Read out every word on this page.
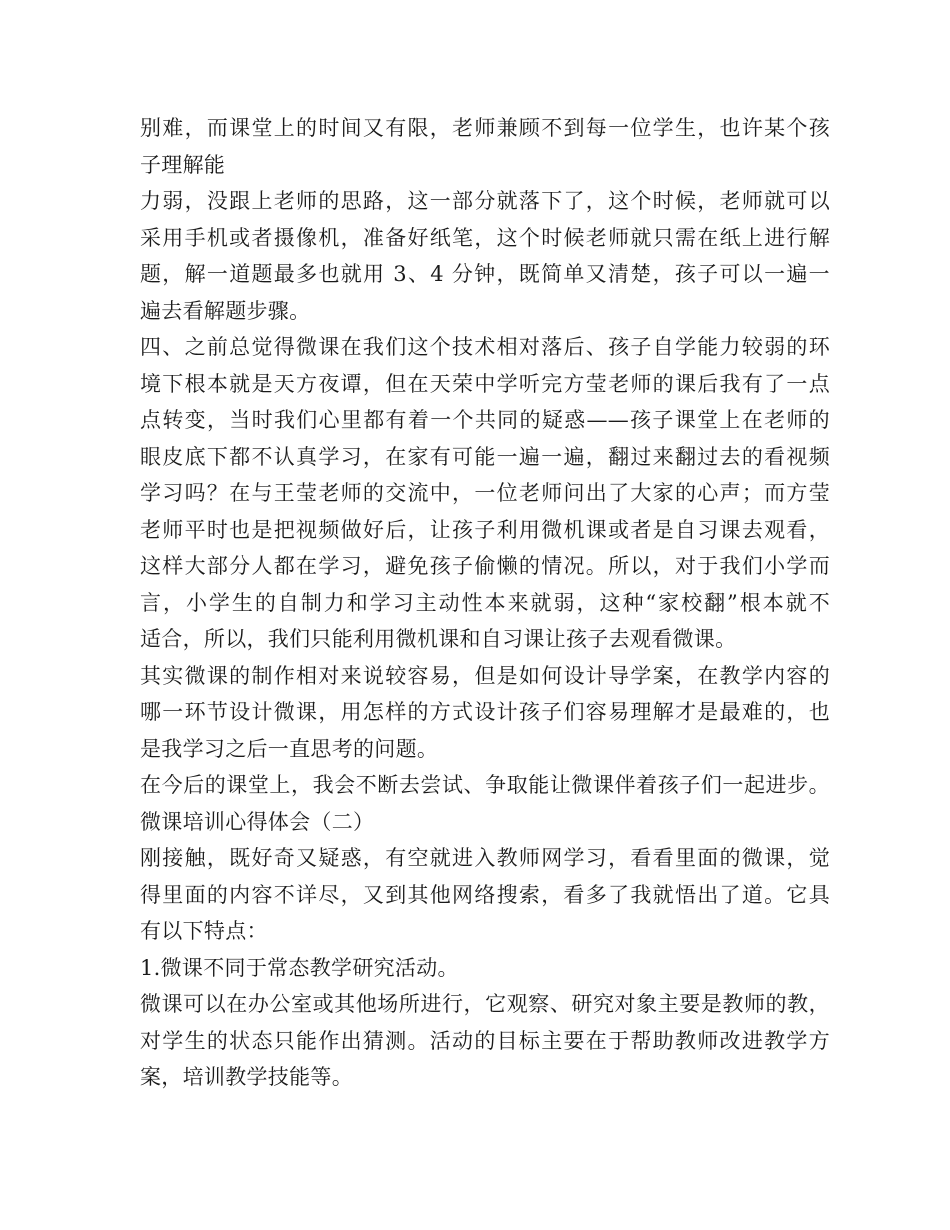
别难，而课堂上的时间又有限，老师兼顾不到每一位学生，也许某个孩
子理解能
力弱，没跟上老师的思路，这一部分就落下了，这个时候，老师就可以
采用手机或者摄像机，准备好纸笔，这个时候老师就只需在纸上进行解
题，解一道题最多也就用 3、4 分钟，既简单又清楚，孩子可以一遍一
遍去看解题步骤。
四、之前总觉得微课在我们这个技术相对落后、孩子自学能力较弱的环
境下根本就是天方夜谭，但在天荣中学听完方莹老师的课后我有了一点
点转变，当时我们心里都有着一个共同的疑惑——孩子课堂上在老师的
眼皮底下都不认真学习，在家有可能一遍一遍，翻过来翻过去的看视频
学习吗？在与王莹老师的交流中，一位老师问出了大家的心声；而方莹
老师平时也是把视频做好后，让孩子利用微机课或者是自习课去观看，
这样大部分人都在学习，避免孩子偷懒的情况。所以，对于我们小学而
言，小学生的自制力和学习主动性本来就弱，这种“家校翻”根本就不
适合，所以，我们只能利用微机课和自习课让孩子去观看微课。
其实微课的制作相对来说较容易，但是如何设计导学案，在教学内容的
哪一环节设计微课，用怎样的方式设计孩子们容易理解才是最难的，也
是我学习之后一直思考的问题。
在今后的课堂上，我会不断去尝试、争取能让微课伴着孩子们一起进步。
微课培训心得体会（二）
刚接触，既好奇又疑惑，有空就进入教师网学习，看看里面的微课，觉
得里面的内容不详尽，又到其他网络搜索，看多了我就悟出了道。它具
有以下特点：
1.微课不同于常态教学研究活动。
微课可以在办公室或其他场所进行，它观察、研究对象主要是教师的教，
对学生的状态只能作出猜测。活动的目标主要在于帮助教师改进教学方
案，培训教学技能等。
